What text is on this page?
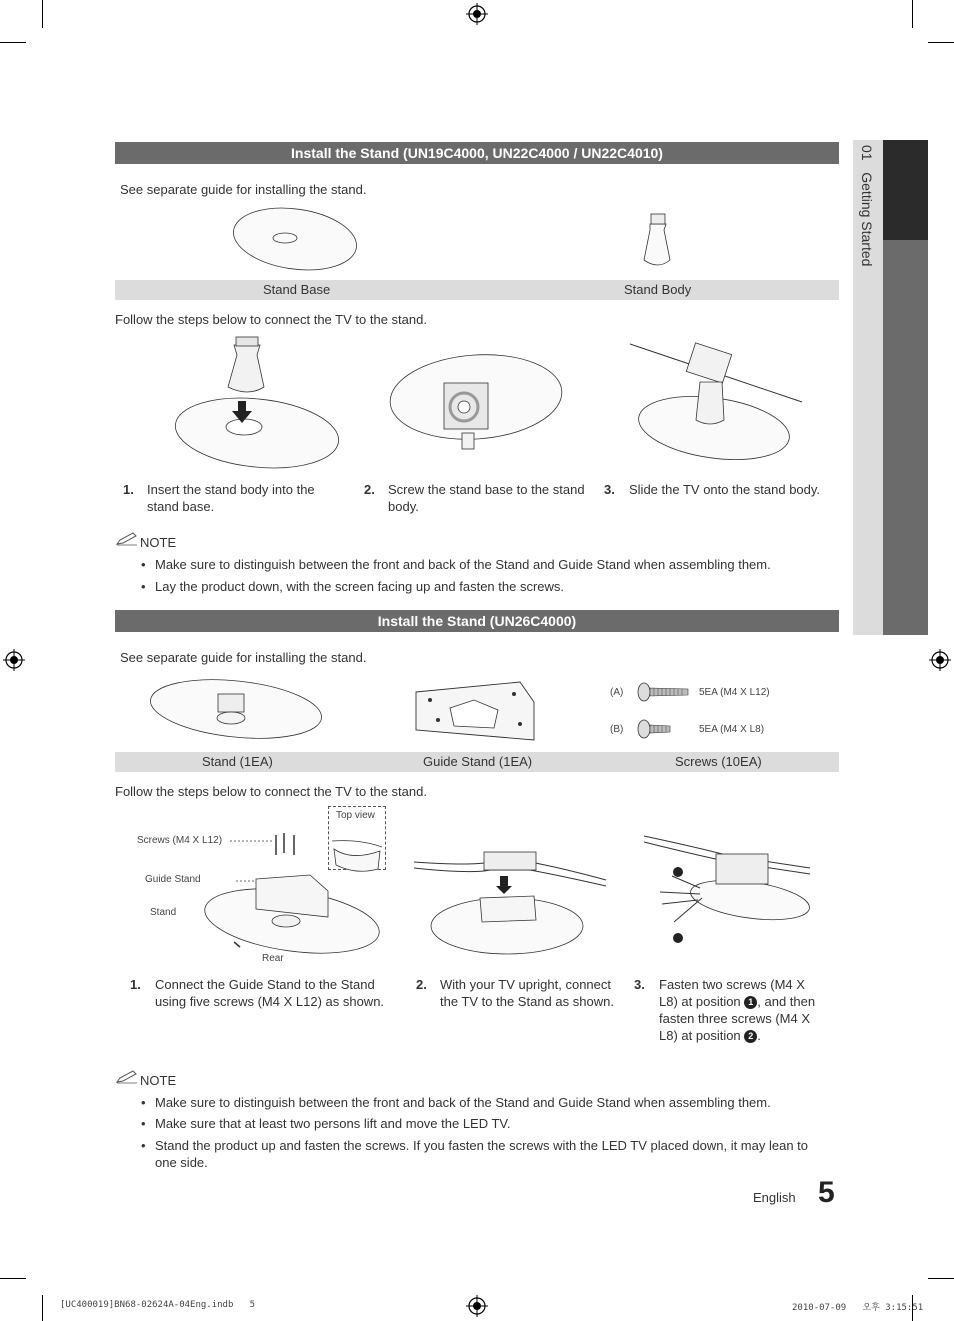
01   Getting Started
Install the Stand (UN19C4000, UN22C4000 / UN22C4010)
See separate guide for installing the stand.
Stand Base	Stand Body
Follow the steps below to connect the TV to the stand.
1. Insert the stand body into the stand base.
2. Screw the stand base to the stand body.
3. Slide the TV onto the stand body.
NOTE
• Make sure to distinguish between the front and back of the Stand and Guide Stand when assembling them.
• Lay the product down, with the screen facing up and fasten the screws.
Install the Stand (UN26C4000)
See separate guide for installing the stand.
(A)	5EA (M4 X L12)
(B)	5EA (M4 X L8)
Stand (1EA)	Guide Stand (1EA)	Screws (10EA)
Follow the steps below to connect the TV to the stand.
Screws (M4 X L12)
Top view
Guide Stand
Stand
Rear
1. Connect the Guide Stand to the Stand using five screws (M4 X L12) as shown.
2. With your TV upright, connect the TV to the Stand as shown.
3. Fasten two screws (M4 X L8) at position 1 , and then fasten three screws (M4 X L8) at position 2 .
NOTE
• Make sure to distinguish between the front and back of the Stand and Guide Stand when assembling them.
• Make sure that at least two persons lift and move the LED TV.
• Stand the product up and fasten the screws. If you fasten the screws with the LED TV placed down, it may lean to one side.
English 5
[UC400019]BN68-02624A-04Eng.indb   5	2010-07-09   오후 3:15:51
